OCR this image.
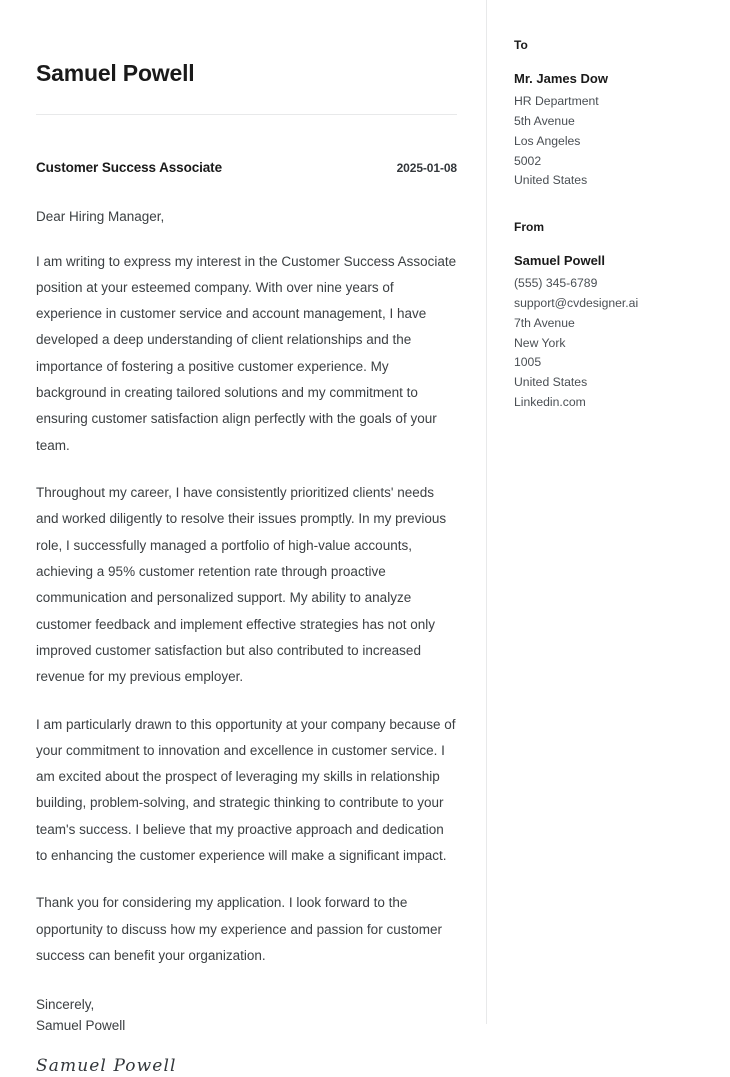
Samuel Powell
Customer Success Associate	2025-01-08
Dear Hiring Manager,

I am writing to express my interest in the Customer Success Associate position at your esteemed company. With over nine years of experience in customer service and account management, I have developed a deep understanding of client relationships and the importance of fostering a positive customer experience. My background in creating tailored solutions and my commitment to ensuring customer satisfaction align perfectly with the goals of your team.

Throughout my career, I have consistently prioritized clients' needs and worked diligently to resolve their issues promptly. In my previous role, I successfully managed a portfolio of high-value accounts, achieving a 95% customer retention rate through proactive communication and personalized support. My ability to analyze customer feedback and implement effective strategies has not only improved customer satisfaction but also contributed to increased revenue for my previous employer.

I am particularly drawn to this opportunity at your company because of your commitment to innovation and excellence in customer service. I am excited about the prospect of leveraging my skills in relationship building, problem-solving, and strategic thinking to contribute to your team's success. I believe that my proactive approach and dedication to enhancing the customer experience will make a significant impact.

Thank you for considering my application. I look forward to the opportunity to discuss how my experience and passion for customer success can benefit your organization.

Sincerely,
Samuel Powell
Samuel Powell
To
Mr. James Dow
HR Department
5th Avenue
Los Angeles
5002
United States
From
Samuel Powell
(555) 345-6789
support@cvdesigner.ai
7th Avenue
New York
1005
United States
Linkedin.com
